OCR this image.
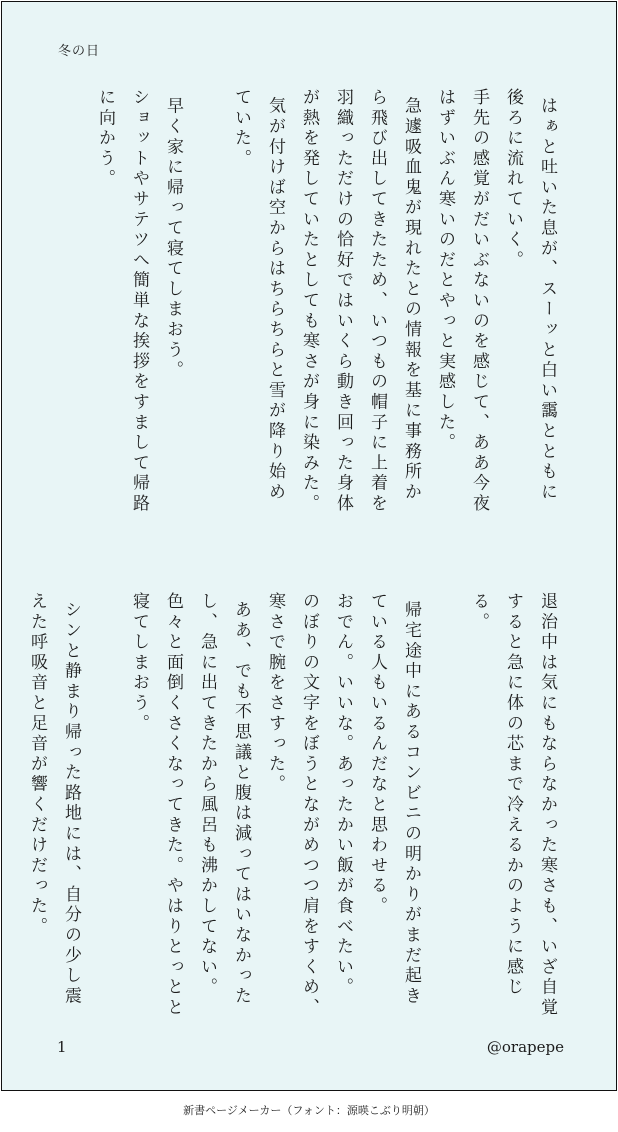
冬の日

はぁと吐いた息が、スーッと白い靄とともに後ろに流れていく。

手先の感覚がだいぶないのを感じて、ああ今夜はずいぶん寒いのだとやっと実感した。

急遽吸血鬼が現れたとの情報を基に事務所から飛び出してきたため、いつもの帽子に上着を羽織っただけの恰好ではいくら動き回った身体が熱を発していたとしても寒さが身に染みた。

気が付けば空からはちらちらと雪が降り始めていた。

早く家に帰って寝てしまおう。

ショットやサテツへ簡単な挨拶をすまして帰路に向かう。

退治中は気にもならなかった寒さも、いざ自覚すると急に体の芯まで冷えるかのように感じる。

帰宅途中にあるコンビニの明かりがまだ起きている人もいるんだなと思わせる。

おでん。いいな。あったかい飯が食べたい。

のぼりの文字をぼうとながめつつ肩をすくめ、寒さで腕をさすった。

ああ、でも不思議と腹は減ってはいなかったし、急に出てきたから風呂も沸かしてない。

色々と面倒くさくなってきた。やはりとっとと寝てしまおう。

シンと静まり帰った路地には、自分の少し震えた呼吸音と足音が響くだけだった。

1	@orapepe
新書ページメーカー（フォント：源暎こぶり明朝）
